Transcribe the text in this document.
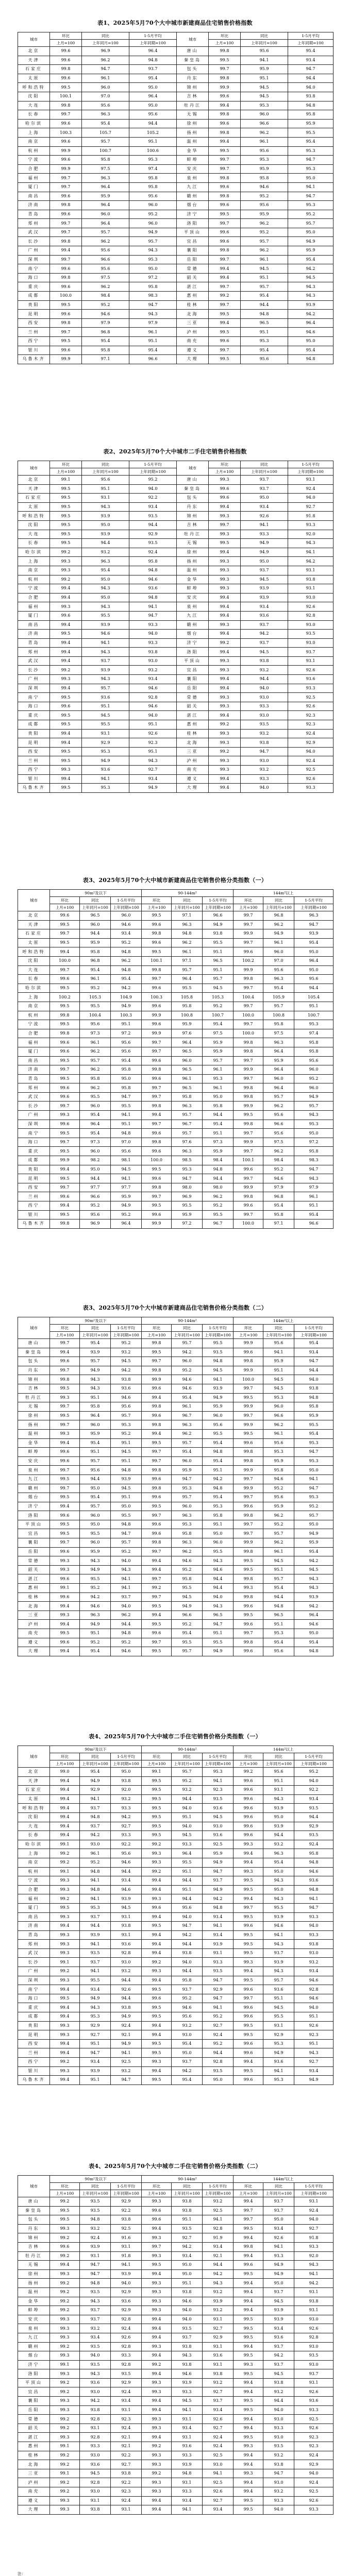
表1、2025年5月70个大中城市新建商品住宅销售价格指数
城市	环比	同比	1-5月平均	城市	环比	同比	1-5月平均
	上月=100	上年同月=100	上年同期=100		上月=100	上年同月=100	上年同期=100
北京	99.6	96.9	96.4	唐山	99.8	95.6	95.4
天津	99.6	96.2	94.8	秦皇岛	99.5	94.1	93.4
石家庄	99.8	94.7	93.7	包头	99.7	95.9	94.7
太原	99.6	96.1	95.4	丹东	99.8	95.1	94.4
呼和浩特	99.5	96.0	95.0	锦州	99.9	94.5	94.0
沈阳	100.1	97.0	96.4	吉林	99.6	94.5	93.8
大连	99.8	95.6	95.0	牡丹江	99.4	95.3	94.8
长春	99.7	96.3	95.6	无锡	99.8	96.0	95.8
哈尔滨	99.6	95.4	94.4	徐州	99.6	96.6	95.9
上海	100.3	105.7	105.2	扬州	99.8	96.2	95.5
南京	99.6	95.7	95.1	温州	99.4	96.1	95.4
杭州	99.9	100.7	100.6	金华	99.5	95.6	95.3
宁波	99.6	95.8	95.3	蚌埠	99.7	95.3	94.7
合肥	99.9	97.5	97.4	安庆	99.7	95.9	95.3
福州	99.7	96.3	95.8	泉州	99.8	95.8	95.0
厦门	99.7	96.4	95.8	九江	99.6	94.6	94.1
南昌	99.6	95.9	95.6	赣州	99.8	95.2	94.7
济南	99.8	96.4	96.0	烟台	99.6	95.6	95.3
青岛	99.6	96.0	95.2	济宁	99.5	95.9	95.2
郑州	99.7	96.4	96.0	洛阳	99.7	96.2	95.7
武汉	99.7	95.7	94.9	平顶山	99.6	95.2	95.0
长沙	99.8	96.2	95.7	宜昌	99.6	95.7	94.9
广州	99.4	95.6	94.3	襄阳	99.8	96.2	95.9
深圳	99.7	96.6	95.3	岳阳	99.7	96.1	95.4
南宁	99.6	95.6	95.0	常德	99.4	94.5	94.2
海口	99.8	97.5	97.2	韶关	99.4	95.1	94.5
重庆	99.6	96.2	95.8	湛江	99.7	95.7	94.3
成都	100.0	98.4	98.3	惠州	99.2	95.4	94.3
贵阳	99.5	95.2	94.7	桂林	99.7	94.4	93.9
昆明	99.6	94.6	94.3	北海	99.5	94.8	94.2
西安	99.8	97.9	97.9	三亚	99.4	96.5	96.4
兰州	99.7	96.8	96.1	泸州	99.5	95.1	94.6
西宁	99.5	95.4	95.1	南充	99.6	95.3	95.0
银川	99.6	95.8	95.4	遵义	99.7	95.4	95.4
乌鲁木齐	99.9	97.1	96.6	大理	99.5	95.6	94.8
表2、2025年5月70个大中城市二手住宅销售价格指数
城市	环比	同比	1-5月平均	城市	环比	同比	1-5月平均
	上月=100	上年同月=100	上年同期=100		上月=100	上年同月=100	上年同期=100
北京	99.1	95.6	95.2	唐山	99.3	93.7	93.1
天津	99.5	95.1	94.0	秦皇岛	99.6	93.7	92.4
石家庄	99.5	93.1	92.2	包头	99.6	95.0	94.0
太原	99.5	94.3	93.4	丹东	99.4	93.4	92.7
呼和浩特	99.5	93.9	93.5	锦州	99.3	92.6	91.8
沈阳	99.5	95.0	94.4	吉林	99.7	94.1	93.3
大连	99.5	93.9	92.9	牡丹江	99.3	93.3	92.0
长春	99.5	94.4	93.5	无锡	99.5	94.9	94.3
哈尔滨	99.2	93.2	92.4	徐州	99.4	94.9	94.1
上海	99.3	96.3	95.8	扬州	99.3	95.0	94.2
南京	99.3	95.4	94.8	温州	99.3	93.7	93.1
杭州	99.2	95.0	94.6	金华	99.3	94.5	93.8
宁波	99.4	94.3	93.6	蚌埠	99.3	93.9	93.1
合肥	99.4	95.0	94.8	安庆	99.4	93.9	93.0
福州	99.3	94.3	94.1	泉州	99.4	93.4	92.6
厦门	99.6	95.5	94.7	九江	99.4	93.6	92.8
南昌	99.4	93.9	93.3	赣州	99.3	93.7	93.0
济南	99.5	94.6	94.0	烟台	99.4	94.2	93.5
青岛	99.4	94.1	93.3	济宁	99.2	93.7	93.0
郑州	99.4	94.3	93.8	洛阳	99.4	94.5	93.7
武汉	99.4	93.7	93.0	平顶山	99.3	93.8	93.1
长沙	99.2	93.9	93.2	宜昌	99.3	93.2	92.6
广州	99.3	94.3	93.4	襄阳	99.4	94.4	93.6
深圳	99.4	95.7	94.6	岳阳	99.4	94.0	93.3
南宁	99.5	93.6	92.8	常德	99.3	93.0	92.5
海口	99.6	95.1	94.6	韶关	99.3	93.3	92.6
重庆	99.5	94.5	94.0	湛江	99.4	93.0	92.3
成都	99.5	95.5	95.1	惠州	99.2	93.5	92.3
贵阳	99.4	93.1	92.6	桂林	99.3	93.2	92.4
昆明	99.4	92.9	92.3	北海	99.3	93.8	92.9
西安	99.5	95.3	95.1	三亚	99.2	94.7	94.0
兰州	99.5	94.9	94.3	泸州	99.3	93.0	92.4
西宁	99.3	93.6	92.7	南充	99.3	93.2	92.5
银川	99.4	94.1	93.4	遵义	99.4	93.3	92.6
乌鲁木齐	99.5	95.3	94.9	大理	99.4	94.0	93.3
表3、2025年5月70个大中城市新建商品住宅销售价格分类指数（一）
城市	90m²及以下			90-144m²			144m²以上		
	环比	同比	1-5月平均	环比	同比	1-5月平均	环比	同比	1-5月平均
	上月=100	上年同月=100	上年同期=100	上月=100	上年同月=100	上年同期=100	上月=100	上年同月=100	上年同期=100
北京	99.6	96.5	96.0	99.5	97.1	96.6	99.7	96.8	96.3
天津	99.5	96.0	94.6	99.6	96.3	94.9	99.7	96.2	94.7
石家庄	99.7	94.4	93.4	99.8	94.8	93.8	99.9	94.9	93.9
太原	99.5	95.9	95.2	99.6	96.2	95.5	99.7	96.1	95.4
呼和浩特	99.4	95.8	94.8	99.5	96.1	95.1	99.6	96.0	95.0
沈阳	100.0	96.8	96.2	100.1	97.1	96.5	100.2	97.0	96.4
大连	99.7	95.4	94.8	99.8	95.7	95.1	99.9	95.6	95.0
长春	99.6	96.1	95.4	99.7	96.4	95.7	99.8	96.3	95.6
哈尔滨	99.5	95.2	94.2	99.6	95.5	94.5	99.7	95.4	94.4
上海	100.2	105.3	104.9	100.3	105.8	105.3	100.4	105.9	105.4
南京	99.5	95.5	94.9	99.6	95.8	95.2	99.7	95.7	95.1
杭州	99.8	100.4	100.3	99.9	100.8	100.7	100.0	100.8	100.7
宁波	99.5	95.6	95.1	99.6	95.9	95.4	99.7	95.8	95.3
合肥	99.8	97.3	97.2	99.9	97.6	97.5	100.0	97.5	97.4
福州	99.6	96.1	95.6	99.7	96.4	95.9	99.8	96.3	95.8
厦门	99.6	96.2	95.6	99.7	96.5	95.9	99.8	96.4	95.8
南昌	99.5	95.7	95.4	99.6	96.0	95.7	99.7	95.9	95.6
济南	99.7	96.2	95.8	99.8	96.5	96.1	99.9	96.4	96.0
青岛	99.5	95.8	95.0	99.6	96.1	95.3	99.7	96.0	95.2
郑州	99.6	96.2	95.8	99.7	96.5	96.1	99.8	96.4	96.0
武汉	99.6	95.5	94.7	99.7	95.8	95.0	99.8	95.7	94.9
长沙	99.7	96.0	95.5	99.8	96.3	95.8	99.9	96.2	95.7
广州	99.3	95.4	94.1	99.4	95.7	94.4	99.5	95.6	94.3
深圳	99.6	96.4	95.1	99.7	96.7	95.4	99.8	96.6	95.3
南宁	99.5	95.4	94.8	99.6	95.7	95.1	99.7	95.6	95.0
海口	99.7	97.3	97.0	99.8	97.6	97.3	99.9	97.5	97.2
重庆	99.5	96.0	95.6	99.6	96.3	95.9	99.7	96.2	95.8
成都	99.9	98.2	98.1	100.0	98.5	98.4	100.1	98.4	98.3
贵阳	99.4	95.0	94.5	99.5	95.3	94.8	99.6	95.2	94.7
昆明	99.5	94.4	94.1	99.6	94.7	94.4	99.7	94.6	94.3
西安	99.7	97.7	97.7	99.8	98.0	98.0	99.9	97.9	97.9
兰州	99.6	96.6	95.9	99.7	96.9	96.2	99.8	96.8	96.1
西宁	99.4	95.2	94.9	99.5	95.5	95.2	99.6	95.4	95.1
银川	99.5	95.6	95.2	99.6	95.9	95.5	99.7	95.8	95.4
乌鲁木齐	99.8	96.9	96.4	99.9	97.2	96.7	100.0	97.1	96.6
表3、2025年5月70个大中城市新建商品住宅销售价格分类指数（二）
城市	90m²及以下			90-144m²			144m²以上		
	环比	同比	1-5月平均	环比	同比	1-5月平均	环比	同比	1-5月平均
	上月=100	上年同月=100	上年同期=100	上月=100	上年同月=100	上年同期=100	上月=100	上年同月=100	上年同期=100
唐山	99.7	95.4	95.2	99.8	95.7	95.5	99.9	95.6	95.4
秦皇岛	99.4	93.9	93.2	99.5	94.2	93.5	99.6	94.1	93.4
包头	99.6	95.7	94.5	99.7	96.0	94.8	99.8	95.9	94.7
丹东	99.7	94.9	94.2	99.8	95.2	94.5	99.9	95.1	94.4
锦州	99.8	94.3	93.8	99.9	94.6	94.1	100.0	94.5	94.0
吉林	99.5	94.3	93.6	99.6	94.6	93.9	99.7	94.5	93.8
牡丹江	99.3	95.1	94.6	99.4	95.4	94.9	99.5	95.3	94.8
无锡	99.7	95.8	95.6	99.8	96.1	95.9	99.9	96.0	95.8
徐州	99.5	96.4	95.7	99.6	96.7	96.0	99.7	96.6	95.9
扬州	99.7	96.0	95.3	99.8	96.3	95.6	99.9	96.2	95.5
温州	99.3	95.9	95.2	99.4	96.2	95.5	99.5	96.1	95.4
金华	99.4	95.4	95.1	99.5	95.7	95.4	99.6	95.6	95.3
蚌埠	99.6	95.1	94.5	99.7	95.4	94.8	99.8	95.3	94.7
安庆	99.6	95.7	95.1	99.7	96.0	95.4	99.8	95.9	95.3
泉州	99.7	95.6	94.8	99.8	95.9	95.1	99.9	95.8	95.0
九江	99.5	94.4	93.9	99.6	94.7	94.2	99.7	94.6	94.1
赣州	99.7	95.0	94.5	99.8	95.3	94.8	99.9	95.2	94.7
烟台	99.5	95.4	95.1	99.6	95.7	95.4	99.7	95.6	95.3
济宁	99.4	95.7	95.0	99.5	96.0	95.3	99.6	95.9	95.2
洛阳	99.6	96.0	95.5	99.7	96.3	95.8	99.8	96.2	95.7
平顶山	99.5	95.0	94.8	99.6	95.3	95.1	99.7	95.2	95.0
宜昌	99.5	95.5	94.7	99.6	95.8	95.0	99.7	95.7	94.9
襄阳	99.7	96.0	95.7	99.8	96.3	96.0	99.9	96.2	95.9
岳阳	99.6	95.9	95.2	99.7	96.2	95.5	99.8	96.1	95.4
常德	99.3	94.3	94.0	99.4	94.6	94.3	99.5	94.5	94.2
韶关	99.3	94.9	94.3	99.4	95.2	94.6	99.5	95.1	94.5
湛江	99.6	95.5	94.1	99.7	95.8	94.4	99.8	95.7	94.3
惠州	99.1	95.2	94.1	99.2	95.5	94.4	99.3	95.4	94.3
桂林	99.6	94.2	93.7	99.7	94.5	94.0	99.8	94.4	93.9
北海	99.4	94.6	94.0	99.5	94.9	94.3	99.6	94.8	94.2
三亚	99.3	96.3	96.2	99.4	96.6	96.5	99.5	96.5	96.4
泸州	99.4	94.9	94.4	99.5	95.2	94.7	99.6	95.1	94.6
南充	99.5	95.1	94.8	99.6	95.4	95.1	99.7	95.3	95.0
遵义	99.6	95.2	95.2	99.7	95.5	95.5	99.8	95.4	95.4
大理	99.4	95.4	94.6	99.5	95.7	94.9	99.6	95.6	94.8
表4、2025年5月70个大中城市二手住宅销售价格分类指数（一）
城市	90m²及以下			90-144m²			144m²以上		
	环比	同比	1-5月平均	环比	同比	1-5月平均	环比	同比	1-5月平均
	上月=100	上年同月=100	上年同期=100	上月=100	上年同月=100	上年同期=100	上月=100	上年同月=100	上年同期=100
北京	99.0	95.4	95.0	99.1	95.7	95.3	99.2	95.6	95.2
天津	99.4	94.9	93.8	99.5	95.2	94.1	99.6	95.1	94.0
石家庄	99.4	92.9	92.0	99.5	93.2	92.3	99.6	93.1	92.2
太原	99.4	94.1	93.2	99.5	94.4	93.5	99.6	94.3	93.4
呼和浩特	99.4	93.7	93.3	99.5	94.0	93.6	99.6	93.9	93.5
沈阳	99.4	94.8	94.2	99.5	95.1	94.5	99.6	95.0	94.4
大连	99.4	93.7	92.7	99.5	94.0	93.0	99.6	93.9	92.9
长春	99.4	94.2	93.3	99.5	94.5	93.6	99.6	94.4	93.5
哈尔滨	99.1	93.0	92.2	99.2	93.3	92.5	99.3	93.2	92.4
上海	99.2	96.1	95.6	99.3	96.4	95.9	99.4	96.3	95.8
南京	99.2	95.2	94.6	99.3	95.5	94.9	99.4	95.4	94.8
杭州	99.1	94.8	94.4	99.2	95.1	94.7	99.3	95.0	94.6
宁波	99.3	94.1	93.4	99.4	94.4	93.7	99.5	94.3	93.6
合肥	99.3	94.8	94.6	99.4	95.1	94.9	99.5	95.0	94.8
福州	99.2	94.1	93.9	99.3	94.4	94.2	99.4	94.3	94.1
厦门	99.5	95.3	94.5	99.6	95.6	94.8	99.7	95.5	94.7
南昌	99.3	93.7	93.1	99.4	94.0	93.4	99.5	93.9	93.3
济南	99.4	94.4	93.8	99.5	94.7	94.1	99.6	94.6	94.0
青岛	99.3	93.9	93.1	99.4	94.2	93.4	99.5	94.1	93.3
郑州	99.3	94.1	93.6	99.4	94.4	93.9	99.5	94.3	93.8
武汉	99.3	93.5	92.8	99.4	93.8	93.1	99.5	93.7	93.0
长沙	99.1	93.7	93.0	99.2	94.0	93.3	99.3	93.9	93.2
广州	99.2	94.1	93.2	99.3	94.4	93.5	99.4	94.3	93.4
深圳	99.3	95.5	94.4	99.4	95.8	94.7	99.5	95.7	94.6
南宁	99.4	93.4	92.6	99.5	93.7	92.9	99.6	93.6	92.8
海口	99.5	94.9	94.4	99.6	95.2	94.7	99.7	95.1	94.6
重庆	99.4	94.3	93.8	99.5	94.6	94.1	99.6	94.5	94.0
成都	99.4	95.3	94.9	99.5	95.6	95.2	99.6	95.5	95.1
贵阳	99.3	92.9	92.4	99.4	93.2	92.7	99.5	93.1	92.6
昆明	99.3	92.7	92.1	99.4	93.0	92.4	99.5	92.9	92.3
西安	99.4	95.1	94.9	99.5	95.4	95.2	99.6	95.3	95.1
兰州	99.4	94.7	94.1	99.5	95.0	94.4	99.6	94.9	94.3
西宁	99.2	93.4	92.5	99.3	93.7	92.8	99.4	93.6	92.7
银川	99.3	93.9	93.2	99.4	94.2	93.5	99.5	94.1	93.4
乌鲁木齐	99.4	95.1	94.7	99.5	95.4	95.0	99.6	95.3	94.9
表4、2025年5月70个大中城市二手住宅销售价格分类指数（二）
城市	90m²及以下			90-144m²			144m²以上		
	环比	同比	1-5月平均	环比	同比	1-5月平均	环比	同比	1-5月平均
	上月=100	上年同月=100	上年同期=100	上月=100	上年同月=100	上年同期=100	上月=100	上年同月=100	上年同期=100
唐山	99.2	93.5	92.9	99.3	93.8	93.2	99.4	93.7	93.1
秦皇岛	99.5	93.5	92.2	99.6	93.8	92.5	99.7	93.7	92.4
包头	99.5	94.8	93.8	99.6	95.1	94.1	99.7	95.0	94.0
丹东	99.3	93.2	92.5	99.4	93.5	92.8	99.5	93.4	92.7
锦州	99.2	92.4	91.6	99.3	92.7	91.9	99.4	92.6	91.8
吉林	99.6	93.9	93.1	99.7	94.2	93.4	99.8	94.1	93.3
牡丹江	99.2	93.1	91.8	99.3	93.4	92.1	99.4	93.3	92.0
无锡	99.4	94.7	94.1	99.5	95.0	94.4	99.6	94.9	94.3
徐州	99.3	94.7	93.9	99.4	95.0	94.2	99.5	94.9	94.1
扬州	99.2	94.8	94.0	99.3	95.1	94.3	99.4	95.0	94.2
温州	99.2	93.5	92.9	99.3	93.8	93.2	99.4	93.7	93.1
金华	99.2	94.3	93.6	99.3	94.6	93.9	99.4	94.5	93.8
蚌埠	99.2	93.7	92.9	99.3	94.0	93.2	99.4	93.9	93.1
安庆	99.3	93.7	92.8	99.4	94.0	93.1	99.5	93.9	93.0
泉州	99.3	93.2	92.4	99.4	93.5	92.7	99.5	93.4	92.6
九江	99.3	93.4	92.6	99.4	93.7	92.9	99.5	93.6	92.8
赣州	99.2	93.5	92.8	99.3	93.8	93.1	99.4	93.7	93.0
烟台	99.3	94.0	93.3	99.4	94.3	93.6	99.5	94.2	93.5
济宁	99.1	93.5	92.8	99.2	93.8	93.1	99.3	93.7	93.0
洛阳	99.3	94.3	93.5	99.4	94.6	93.8	99.5	94.5	93.7
平顶山	99.2	93.6	92.9	99.3	93.9	93.2	99.4	93.8	93.1
宜昌	99.2	93.0	92.4	99.3	93.3	92.7	99.4	93.2	92.6
襄阳	99.3	94.2	93.4	99.4	94.5	93.7	99.5	94.4	93.6
岳阳	99.3	93.8	93.1	99.4	94.1	93.4	99.5	94.0	93.3
常德	99.2	92.8	92.3	99.3	93.1	92.6	99.4	93.0	92.5
韶关	99.2	93.1	92.4	99.3	93.4	92.7	99.4	93.3	92.6
湛江	99.3	92.8	92.1	99.4	93.1	92.4	99.5	93.0	92.3
惠州	99.1	93.3	92.1	99.2	93.6	92.4	99.3	93.5	92.3
桂林	99.2	93.0	92.2	99.3	93.3	92.5	99.4	93.2	92.4
北海	99.2	93.6	92.7	99.3	93.9	93.0	99.4	93.8	92.9
三亚	99.1	94.5	93.8	99.2	94.8	94.1	99.3	94.7	94.0
泸州	99.2	92.8	92.2	99.3	93.1	92.5	99.4	93.0	92.4
南充	99.2	93.0	92.3	99.3	93.3	92.6	99.4	93.2	92.5
遵义	99.3	93.1	92.4	99.4	93.4	92.7	99.5	93.3	92.6
大理	99.3	93.8	93.1	99.4	94.1	93.4	99.5	94.0	93.3
注：
